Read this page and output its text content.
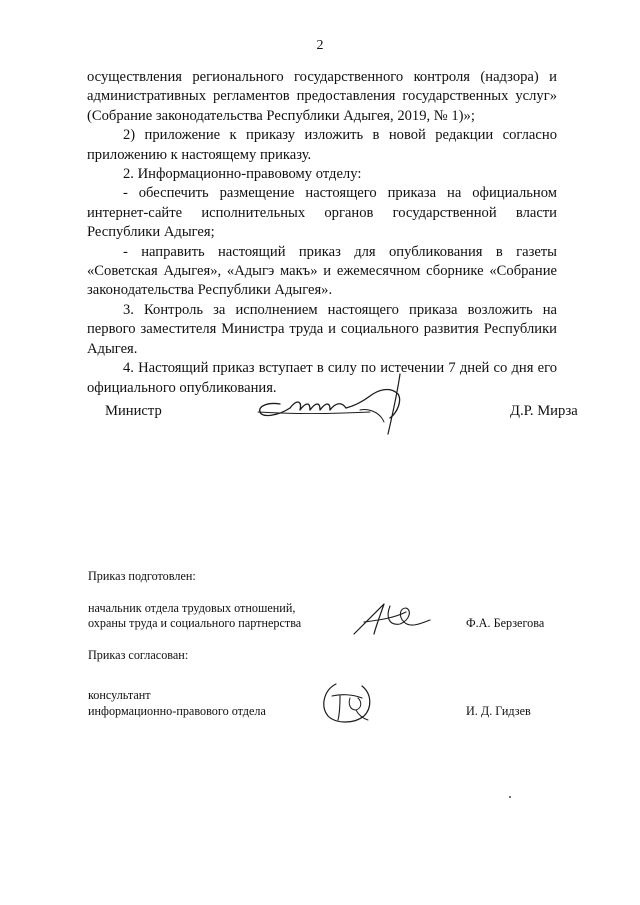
2

осуществления регионального государственного контроля (надзора) и административных регламентов предоставления государственных услуг» (Собрание законодательства Республики Адыгея, 2019, № 1)»;

2) приложение к приказу изложить в новой редакции согласно приложению к настоящему приказу.

2. Информационно-правовому отделу:

- обеспечить размещение настоящего приказа на официальном интернет-сайте исполнительных органов государственной власти Республики Адыгея;

- направить настоящий приказ для опубликования в газеты «Советская Адыгея», «Адыгэ макъ» и ежемесячном сборнике «Собрание законодательства Республики Адыгея».

3. Контроль за исполнением настоящего приказа возложить на первого заместителя Министра труда и социального развития Республики Адыгея.

4. Настоящий приказ вступает в силу по истечении 7 дней со дня его официального опубликования.

Министр	Д.Р. Мирза
Приказ подготовлен:
начальник отдела трудовых отношений,
охраны труда и социального партнерства	Ф.А. Берзегова
Приказ согласован:
консультант
информационно-правового отдела	И. Д. Гидзев
